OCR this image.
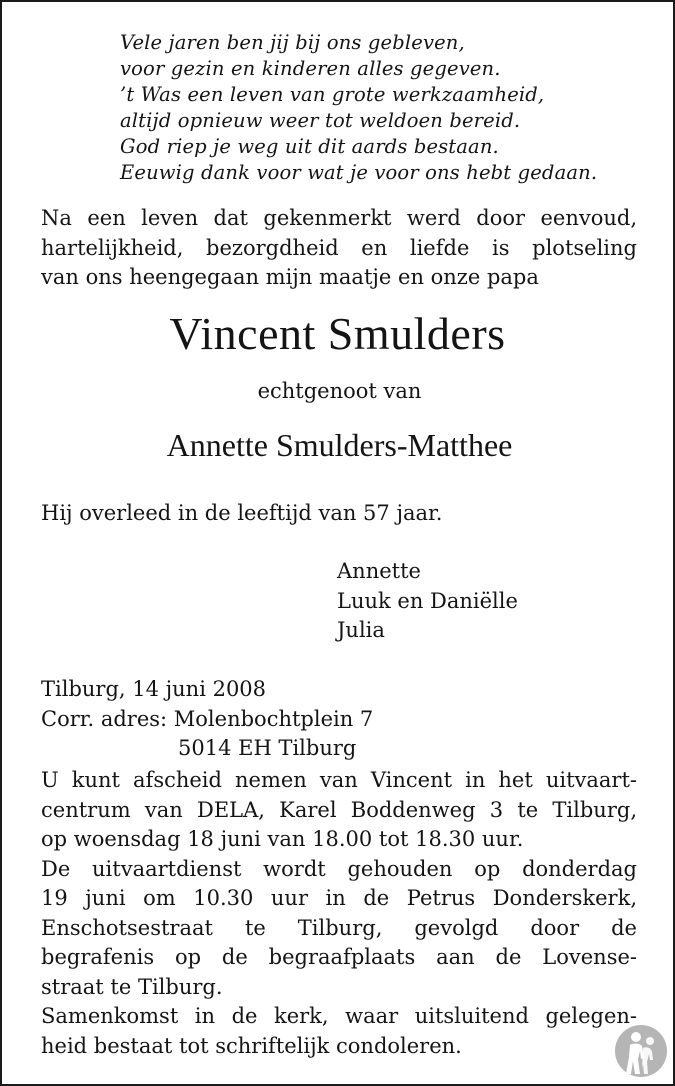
Vele jaren ben jij bij ons gebleven,
voor gezin en kinderen alles gegeven.
’t Was een leven van grote werkzaamheid,
altijd opnieuw weer tot weldoen bereid.
God riep je weg uit dit aards bestaan.
Eeuwig dank voor wat je voor ons hebt gedaan.
Na een leven dat gekenmerkt werd door eenvoud,
hartelijkheid, bezorgdheid en liefde is plotseling
van ons heengegaan mijn maatje en onze papa
Vincent Smulders
echtgenoot van
Annette Smulders-Matthee
Hij overleed in de leeftijd van 57 jaar.
Annette
Luuk en Daniëlle
Julia
Tilburg, 14 juni 2008
Corr. adres: Molenbochtplein 7
5014 EH Tilburg
U kunt afscheid nemen van Vincent in het uitvaart-
centrum van DELA, Karel Boddenweg 3 te Tilburg,
op woensdag 18 juni van 18.00 tot 18.30 uur.
De uitvaartdienst wordt gehouden op donderdag
19 juni om 10.30 uur in de Petrus Donderskerk,
Enschotsestraat te Tilburg, gevolgd door de
begrafenis op de begraafplaats aan de Lovense-
straat te Tilburg.
Samenkomst in de kerk, waar uitsluitend gelegen-
heid bestaat tot schriftelijk condoleren.
